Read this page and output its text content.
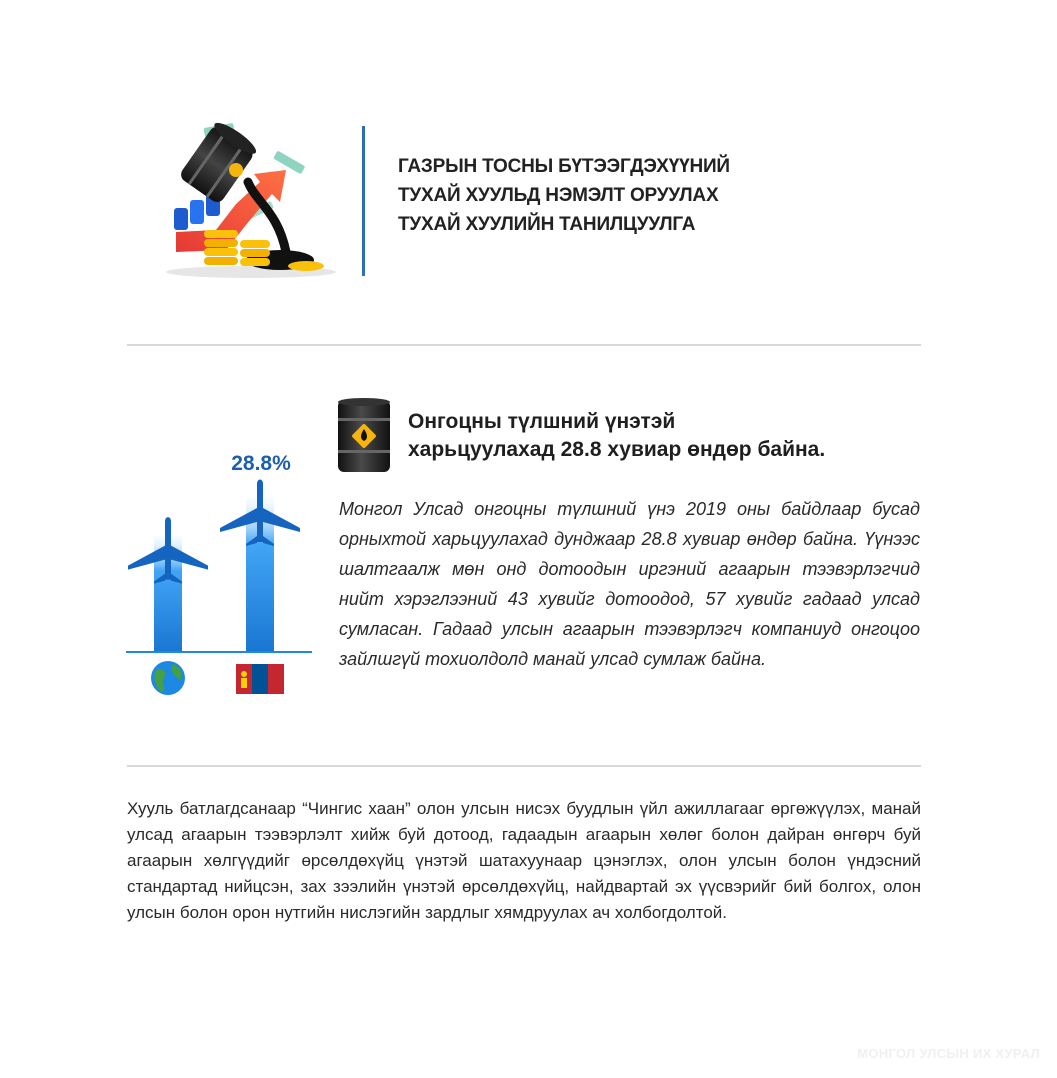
ГАЗРЫН ТОСНЫ БҮТЭЭГДЭХҮҮНИЙ
ТУХАЙ ХУУЛЬД НЭМЭЛТ ОРУУЛАХ
ТУХАЙ ХУУЛИЙН ТАНИЛЦУУЛГА
28.8%
Онгоцны түлшний үнэтэй
харьцуулахад 28.8 хувиар өндөр байна.

Монгол Улсад онгоцны түлшний үнэ 2019 оны байдлаар бусад орныхтой харьцуулахад дунджаар 28.8 хувиар өндөр байна. Үүнээс шалтгаалж мөн онд дотоодын иргэний агаарын тээвэрлэгчид нийт хэрэглээний 43 хувийг дотоодод, 57 хувийг гадаад улсад сумласан. Гадаад улсын агаарын тээвэрлэгч компаниуд онгоцоо зайлшгүй тохиолдолд манай улсад сумлаж байна.

Хууль батлагдсанаар “Чингис хаан” олон улсын нисэх буудлын үйл ажиллагааг өргөжүүлэх, манай улсад агаарын тээвэрлэлт хийж буй дотоод, гадаадын агаарын хөлөг болон дайран өнгөрч буй агаарын хөлгүүдийг өрсөлдөхүйц үнэтэй шатахуунаар цэнэглэх, олон улсын болон үндэсний стандартад нийцсэн, зах зээлийн үнэтэй өрсөлдөхүйц, найдвартай эх үүсвэрийг бий болгох, олон улсын болон орон нутгийн нислэгийн зардлыг хямдруулах ач холбогдолтой.

МОНГОЛ УЛСЫН ИХ ХУРАЛ
